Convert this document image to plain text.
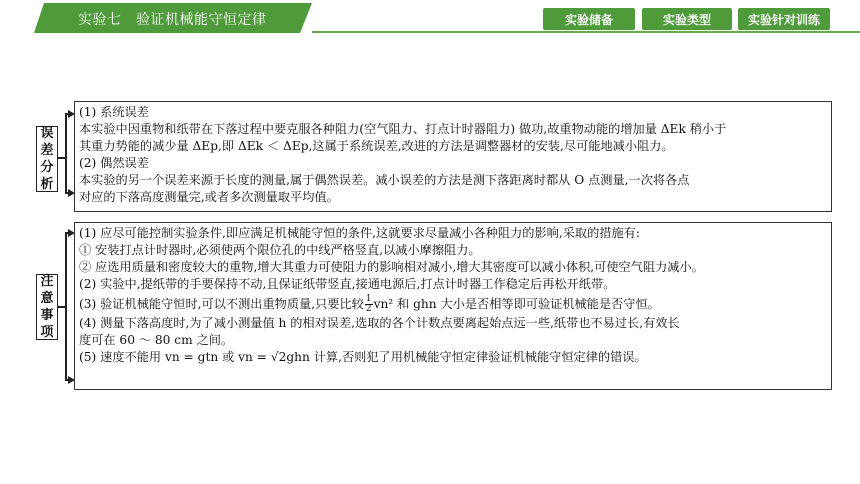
实验七　验证机械能守恒定律	实验储备	实验类型	实验针对训练
误
差
分
析
注
意
事
项
(1) 系统误差
本实验中因重物和纸带在下落过程中要克服各种阻力(空气阻力、打点计时器阻力) 做功,故重物动能的增加量 ΔEk 稍小于
其重力势能的减少量 ΔEp,即 ΔEk ＜ ΔEp,这属于系统误差,改进的方法是调整器材的安装,尽可能地减小阻力。
(2) 偶然误差
本实验的另一个误差来源于长度的测量,属于偶然误差。减小误差的方法是测下落距离时都从 O 点测量,一次将各点
对应的下落高度测量完,或者多次测量取平均值。
(1) 应尽可能控制实验条件,即应满足机械能守恒的条件,这就要求尽量减小各种阻力的影响,采取的措施有:
① 安装打点计时器时,必须使两个限位孔的中线严格竖直,以减小摩擦阻力。
② 应选用质量和密度较大的重物,增大其重力可使阻力的影响相对减小,增大其密度可以减小体积,可使空气阻力减小。
(2) 实验中,提纸带的手要保持不动,且保证纸带竖直,接通电源后,打点计时器工作稳定后再松开纸带。
(3) 验证机械能守恒时,可以不测出重物质量,只要比较 $\frac{1}{2} vn^2$ 和 ghn 大小是否相等即可验证机械能是否守恒。
(4) 测量下落高度时,为了减小测量值 h 的相对误差,选取的各个计数点要离起始点远一些,纸带也不易过长,有效长
度可在 60 ～ 80 cm 之间。
(5) 速度不能用 vn = gtn 或 vn = √2ghn 计算,否则犯了用机械能守恒定律验证机械能守恒定律的错误。
